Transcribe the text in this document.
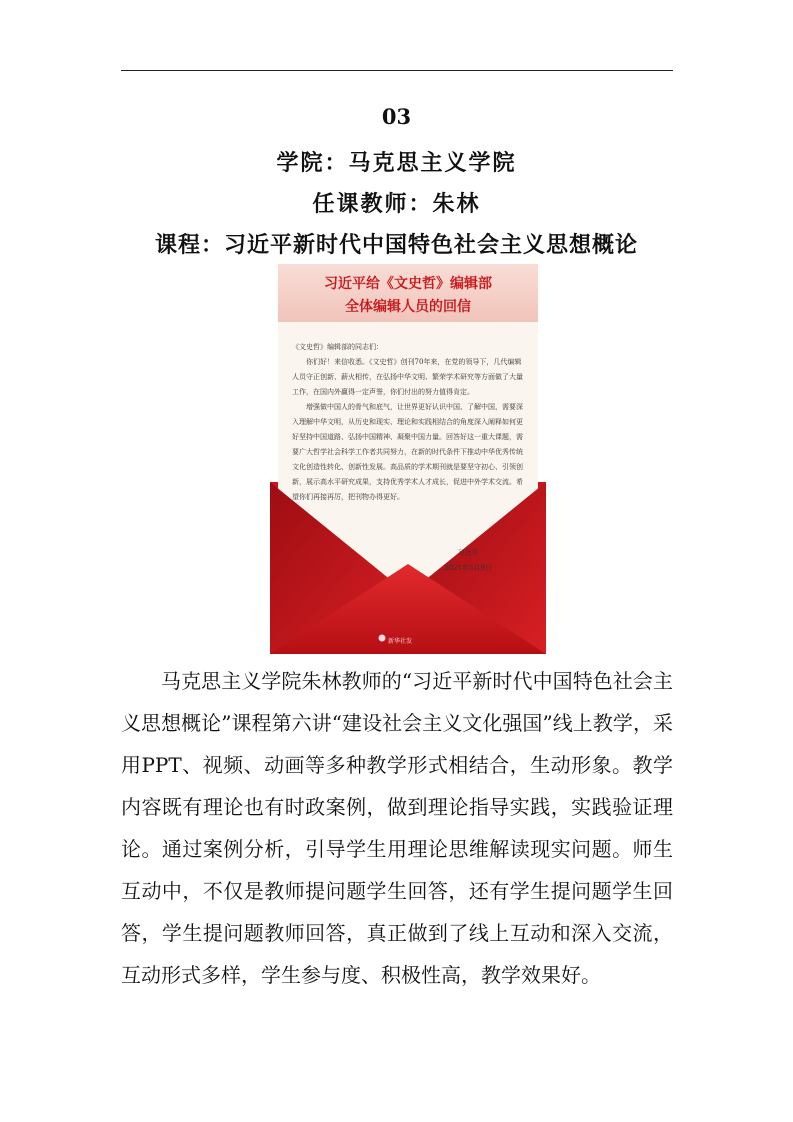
03
学院：马克思主义学院
任课教师：朱林
课程：习近平新时代中国特色社会主义思想概论
习近平给《文史哲》编辑部
全体编辑人员的回信

《文史哲》编辑部的同志们：

你们好！来信收悉。《文史哲》创刊70年来，在党的领导下，几代编辑人员守正创新、薪火相传，在弘扬中华文明、繁荣学术研究等方面做了大量工作，在国内外赢得一定声誉，你们付出的努力值得肯定。

增强做中国人的骨气和底气，让世界更好认识中国、了解中国，需要深入理解中华文明，从历史和现实、理论和实践相结合的角度深入阐释如何更好坚持中国道路、弘扬中国精神、凝聚中国力量。回答好这一重大课题，需要广大哲学社会科学工作者共同努力，在新的时代条件下推动中华优秀传统文化创造性转化、创新性发展。高品质的学术期刊就是要坚守初心、引领创新，展示高水平研究成果，支持优秀学术人才成长，促进中外学术交流。希望你们再接再厉，把刊物办得更好。

习近平
2021年5月9日
新华社发

马克思主义学院朱林教师的“习近平新时代中国特色社会主义思想概论”课程第六讲“建设社会主义文化强国”线上教学，采用PPT、视频、动画等多种教学形式相结合，生动形象。教学内容既有理论也有时政案例，做到理论指导实践，实践验证理论。通过案例分析，引导学生用理论思维解读现实问题。师生互动中，不仅是教师提问题学生回答，还有学生提问题学生回答，学生提问题教师回答，真正做到了线上互动和深入交流，互动形式多样，学生参与度、积极性高，教学效果好。
